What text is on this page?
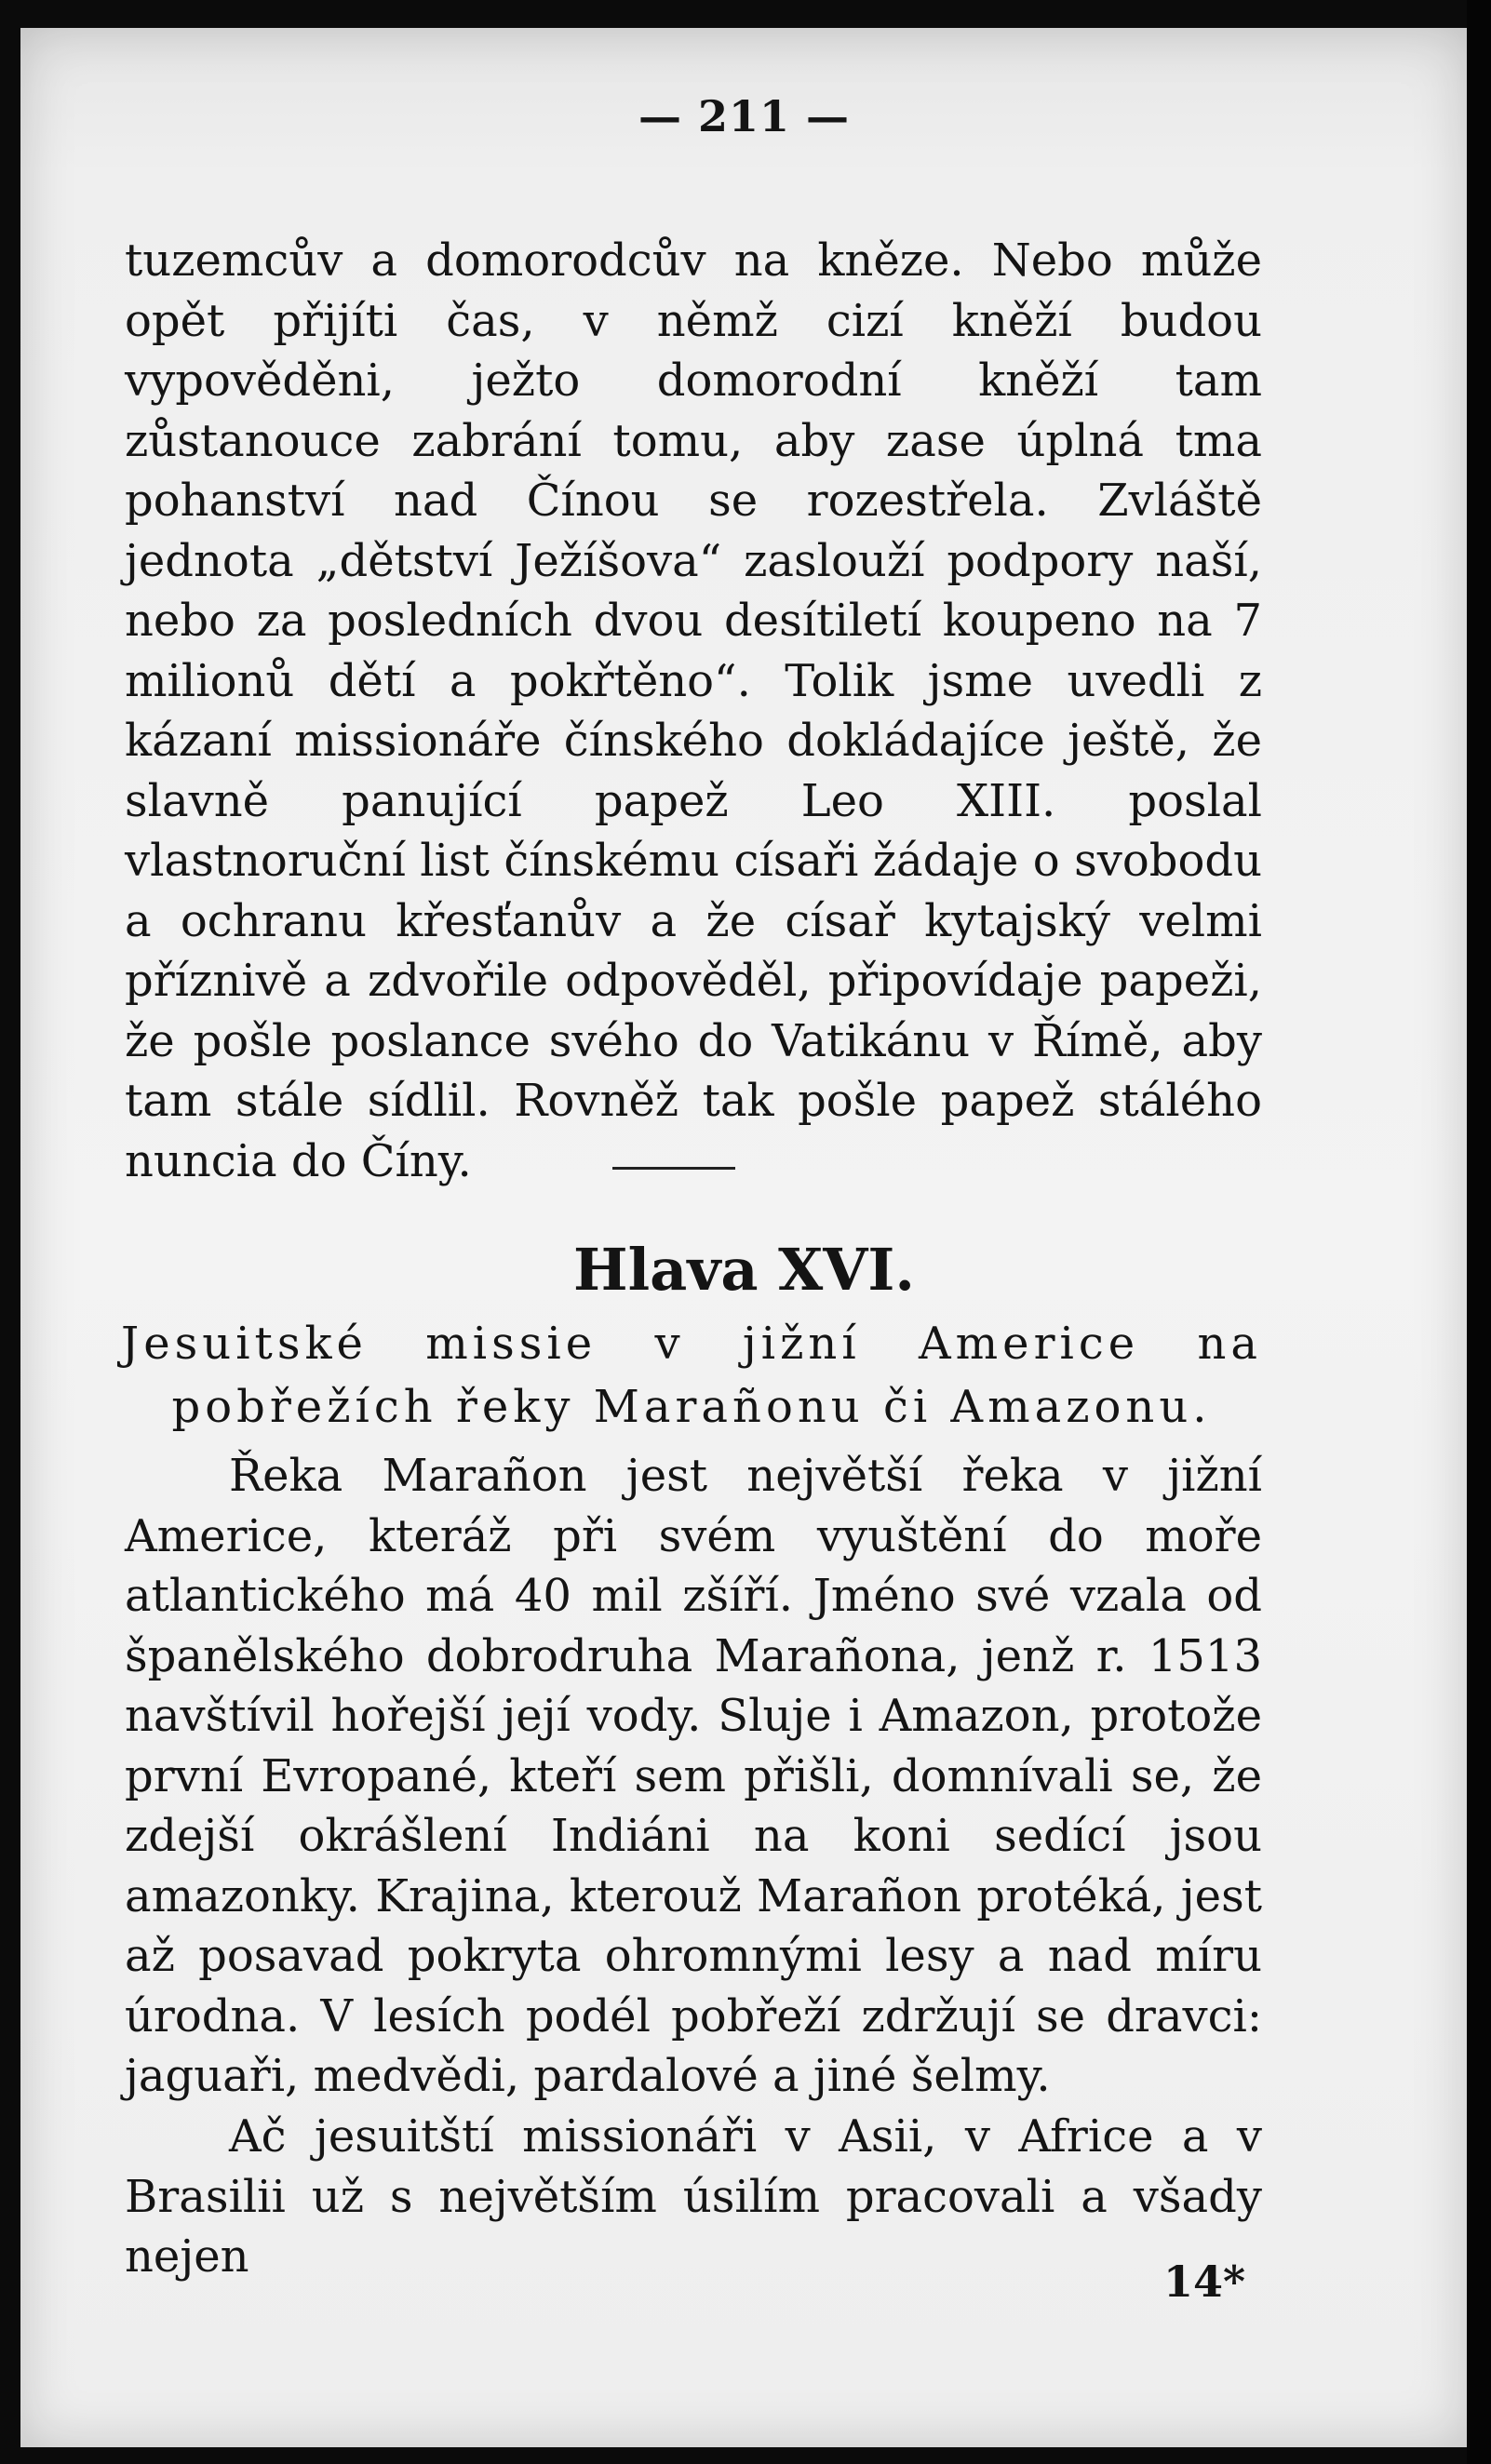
— 211 —

tuzemcův a domorodcův na kněze. Nebo může opět přijíti čas, v němž cizí kněží budou vypověděni, ježto domorodní kněží tam zůstanouce zabrání tomu, aby zase úplná tma pohanství nad Čínou se rozestřela. Zvláště jednota „dětství Ježíšova“ zaslouží podpory naší, nebo za posledních dvou desítiletí koupeno na 7 milionů dětí a pokřtěno“. Tolik jsme uvedli z kázaní missionáře čínského dokládajíce ještě, že slavně panující papež Leo XIII. poslal vlastnoruční list čínskému císaři žádaje o svobodu a ochranu křesťanův a že císař kytajský velmi příznivě a zdvořile odpověděl, připovídaje papeži, že pošle poslance svého do Vatikánu v Římě, aby tam stále sídlil. Rovněž tak pošle papež stálého nuncia do Číny.

Hlava XVI.

Jesuitské missie v jižní Americe na pobřežích řeky Marañonu či Amazonu.

Řeka Marañon jest největší řeka v jižní Americe, kteráž při svém vyuštění do moře atlantického má 40 mil zšíří. Jméno své vzala od španělského dobrodruha Marañona, jenž r. 1513 navštívil hořejší její vody. Sluje i Amazon, protože první Evropané, kteří sem přišli, domnívali se, že zdejší okrášlení Indiáni na koni sedící jsou amazonky. Krajina, kterouž Marañon protéká, jest až posavad pokryta ohromnými lesy a nad míru úrodna. V lesích podél pobřeží zdržují se dravci: jaguaři, medvědi, pardalové a jiné šelmy.

Ač jesuitští missionáři v Asii, v Africe a v Brasilii už s největším úsilím pracovali a všady nejen	14*
